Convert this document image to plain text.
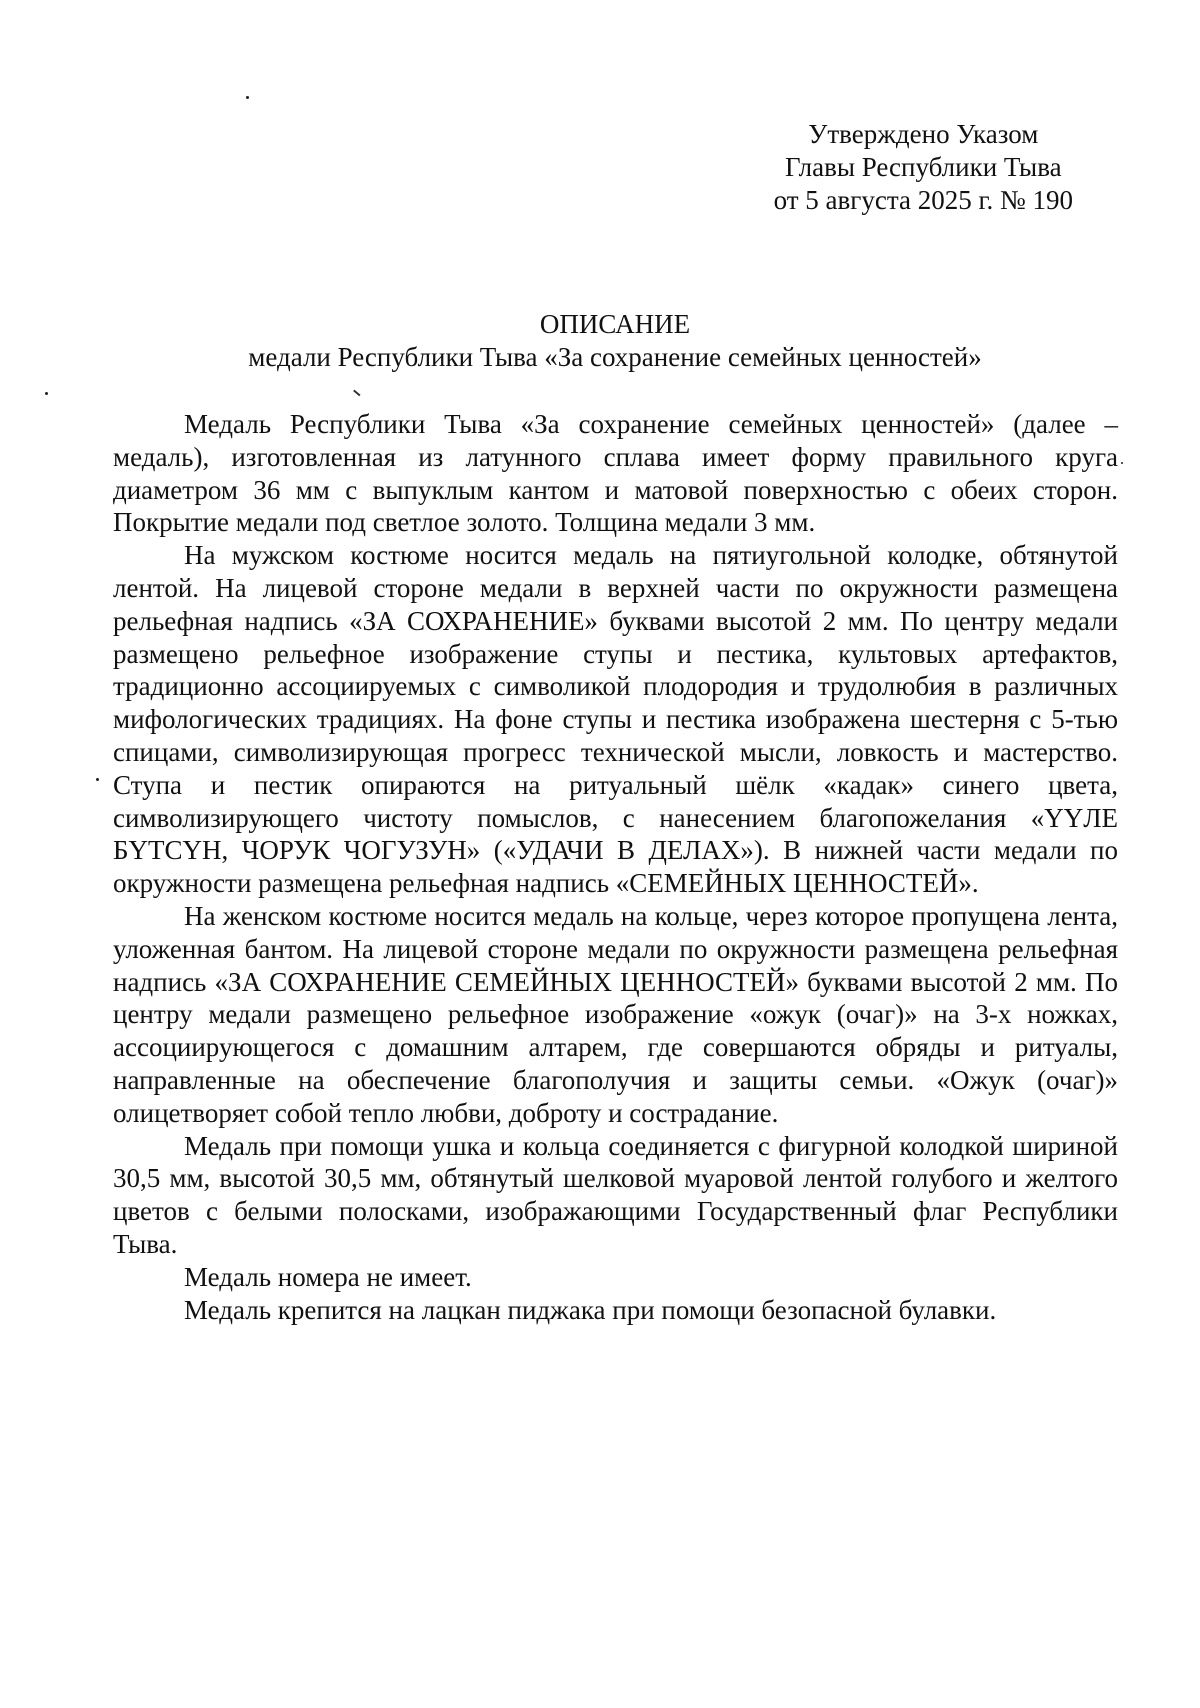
Утверждено Указом
Главы Республики Тыва
от 5 августа 2025 г. № 190
ОПИСАНИЕ
медали Республики Тыва «За сохранение семейных ценностей»

Медаль Республики Тыва «За сохранение семейных ценностей» (далее – медаль), изготовленная из латунного сплава имеет форму правильного круга диаметром 36 мм с выпуклым кантом и матовой поверхностью с обеих сторон. Покрытие медали под светлое золото. Толщина медали 3 мм.

На мужском костюме носится медаль на пятиугольной колодке, обтянутой лентой. На лицевой стороне медали в верхней части по окружности размещена рельефная надпись «ЗА СОХРАНЕНИЕ» буквами высотой 2 мм. По центру медали размещено рельефное изображение ступы и пестика, культовых артефактов, традиционно ассоциируемых с символикой плодородия и трудолюбия в различных мифологических традициях. На фоне ступы и пестика изображена шестерня с 5-тью спицами, символизирующая прогресс технической мысли, ловкость и мастерство. Ступа и пестик опираются на ритуальный шёлк «кадак» синего цвета, символизирующего чистоту помыслов, с нанесением благопожелания «ҮҮЛЕ БҮТСҮН, ЧОРУК ЧОГУЗУН» («УДАЧИ В ДЕЛАХ»). В нижней части медали по окружности размещена рельефная надпись «СЕМЕЙНЫХ ЦЕННОСТЕЙ».

На женском костюме носится медаль на кольце, через которое пропущена лента, уложенная бантом. На лицевой стороне медали по окружности размещена рельефная надпись «ЗА СОХРАНЕНИЕ СЕМЕЙНЫХ ЦЕННОСТЕЙ» буквами высотой 2 мм. По центру медали размещено рельефное изображение «ожук (очаг)» на 3-х ножках, ассоциирующегося с домашним алтарем, где совершаются обряды и ритуалы, направленные на обеспечение благополучия и защиты семьи. «Ожук (очаг)» олицетворяет собой тепло любви, доброту и сострадание.

Медаль при помощи ушка и кольца соединяется с фигурной колодкой шириной 30,5 мм, высотой 30,5 мм, обтянутый шелковой муаровой лентой голубого и желтого цветов с белыми полосками, изображающими Государственный флаг Республики Тыва.

Медаль номера не имеет.

Медаль крепится на лацкан пиджака при помощи безопасной булавки.
